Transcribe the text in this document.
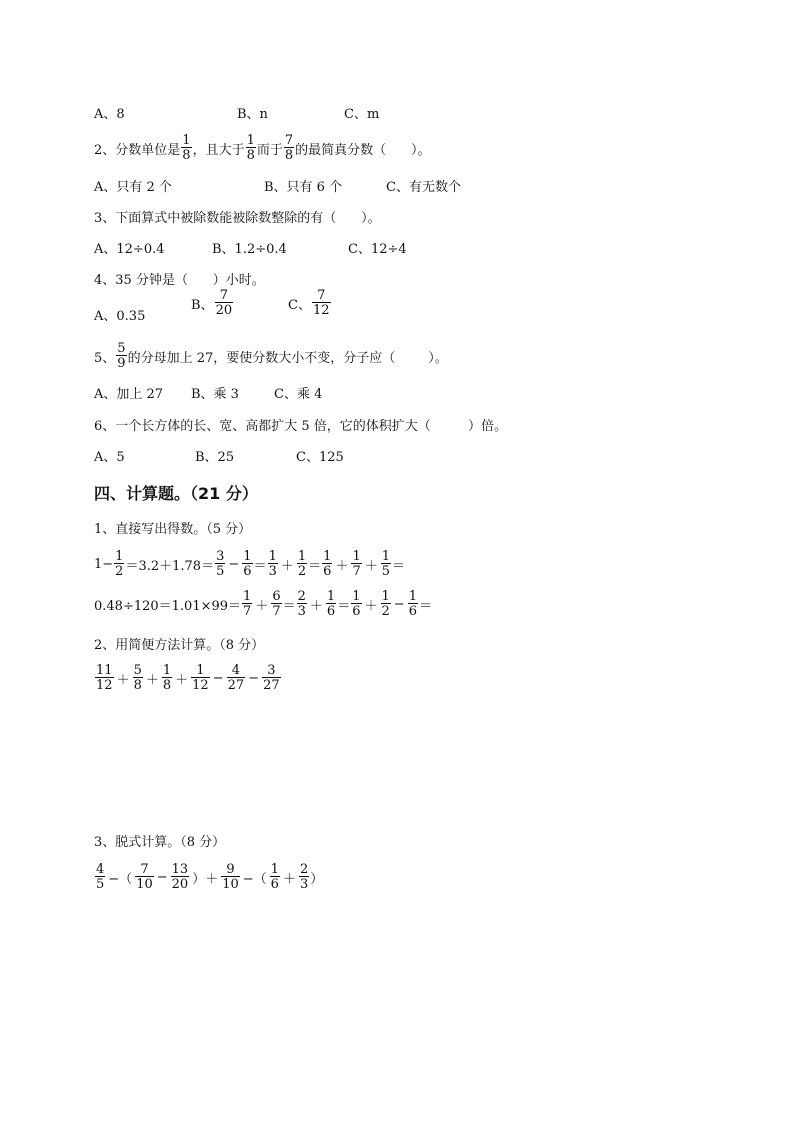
A、8	B、n	C、m
2、分数单位是 $\frac{1}{8}$ ，且大于 $\frac{1}{8}$ 而于 $\frac{7}{8}$ 的最简真分数（      ）。
A、只有 2 个	B、只有 6 个	C、有无数个
3、下面算式中被除数能被除数整除的有（      ）。
A、12÷0.4	B、1.2÷0.4	C、12÷4
4、35 分钟是（      ）小时。
A、0.35
B、 $\frac{7}{20}$	C、 $\frac{7}{12}$
5、 $\frac{5}{9}$ 的分母加上 27，要使分数大小不变，分子应（        ）。
A、加上 27 B、乘 3	C、乘 4
6、一个长方体的长、宽、高都扩大 5 倍，它的体积扩大（         ）倍。
A、5	B、25	C、125
四、计算题。（21 分）
1、直接写出得数。（5 分）
$1- \frac{1}{2} =3.2+1.78= \frac{3}{5} - \frac{1}{6} = \frac{1}{3} + \frac{1}{2} = \frac{1}{6} + \frac{1}{7} + \frac{1}{5}$ ＝
$0.48\div 120=1.01\times 99= \frac{1}{7} + \frac{6}{7} = \frac{2}{3} + \frac{1}{6} = \frac{1}{6} + \frac{1}{2} - \frac{1}{6}$ ＝
2、用简便方法计算。（8 分）
$\frac{11}{12} + \frac{5}{8} + \frac{1}{8} + \frac{1}{12} - \frac{4}{27} - \frac{3}{27}$
3、脱式计算。（8 分）
$\frac{4}{5}$ −（ $\frac{7}{10} - \frac{13}{20}$ ）＋ $\frac{9}{10}$ −（ $\frac{1}{6} + \frac{2}{3}$ ）
